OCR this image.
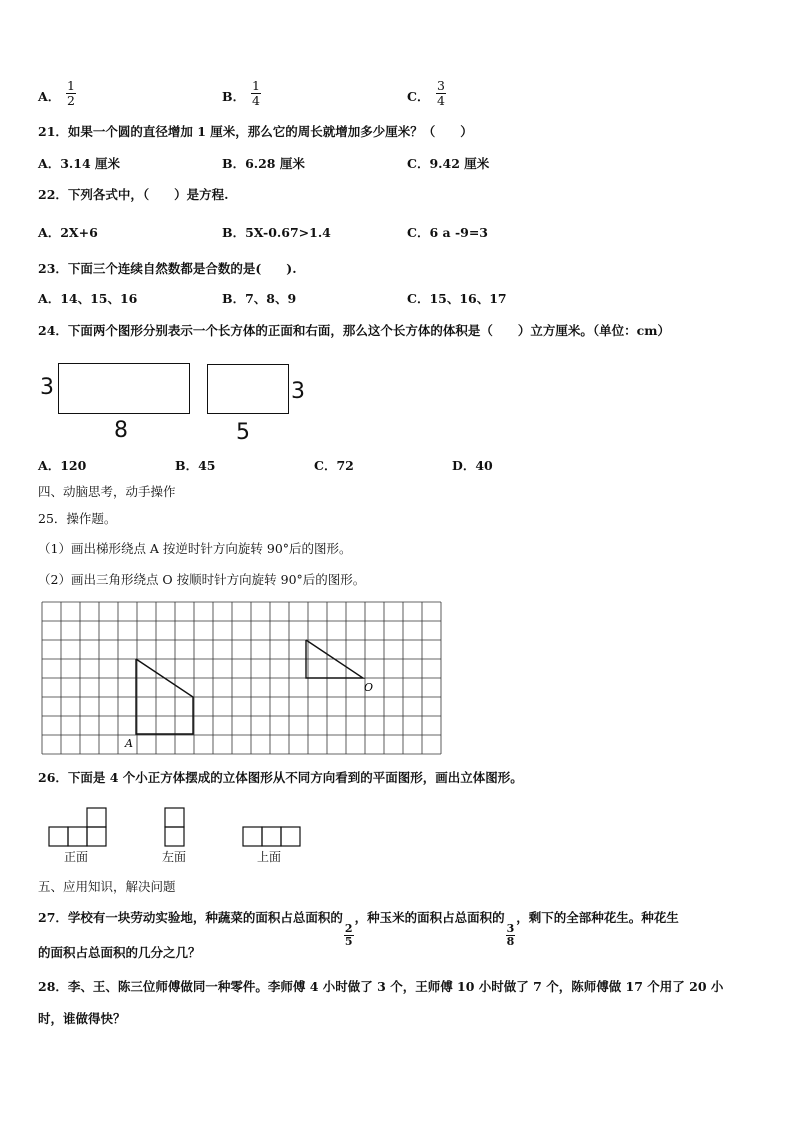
A． $\frac{1}{2}$	B． $\frac{1}{4}$	C． $\frac{3}{4}$
21．如果一个圆的直径增加 1 厘米，那么它的周长就增加多少厘米？（　　）
A．3.14 厘米	B．6.28 厘米	C．9.42 厘米
22．下列各式中，（　　）是方程.
A．2X+6	B．5X-0.67>1.4	C．6 a -9=3
23．下面三个连续自然数都是合数的是(　　).
A．14、15、16	B．7、8、9	C．15、16、17
24．下面两个图形分别表示一个长方体的正面和右面，那么这个长方体的体积是（　　）立方厘米。（单位：cm）
3
8
3
5
A．120	B．45	C．72	D．40
四、动脑思考，动手操作
25．操作题。
（1）画出梯形绕点 A 按逆时针方向旋转 90°后的图形。
（2）画出三角形绕点 O 按顺时针方向旋转 90°后的图形。
A
O
26．下面是 4 个小正方体摆成的立体图形从不同方向看到的平面图形，画出立体图形。
正面	左面	上面
五、应用知识，解决问题
27．学校有一块劳动实验地，种蔬菜的面积占总面积的
$\frac{2}{5}$
，种玉米的面积占总面积的
$\frac{3}{8}$
，剩下的全部种花生。种花生
的面积占总面积的几分之几？
28．李、王、陈三位师傅做同一种零件。李师傅 4 小时做了 3 个，王师傅 10 小时做了 7 个，陈师傅做 17 个用了 20 小
时，谁做得快？
